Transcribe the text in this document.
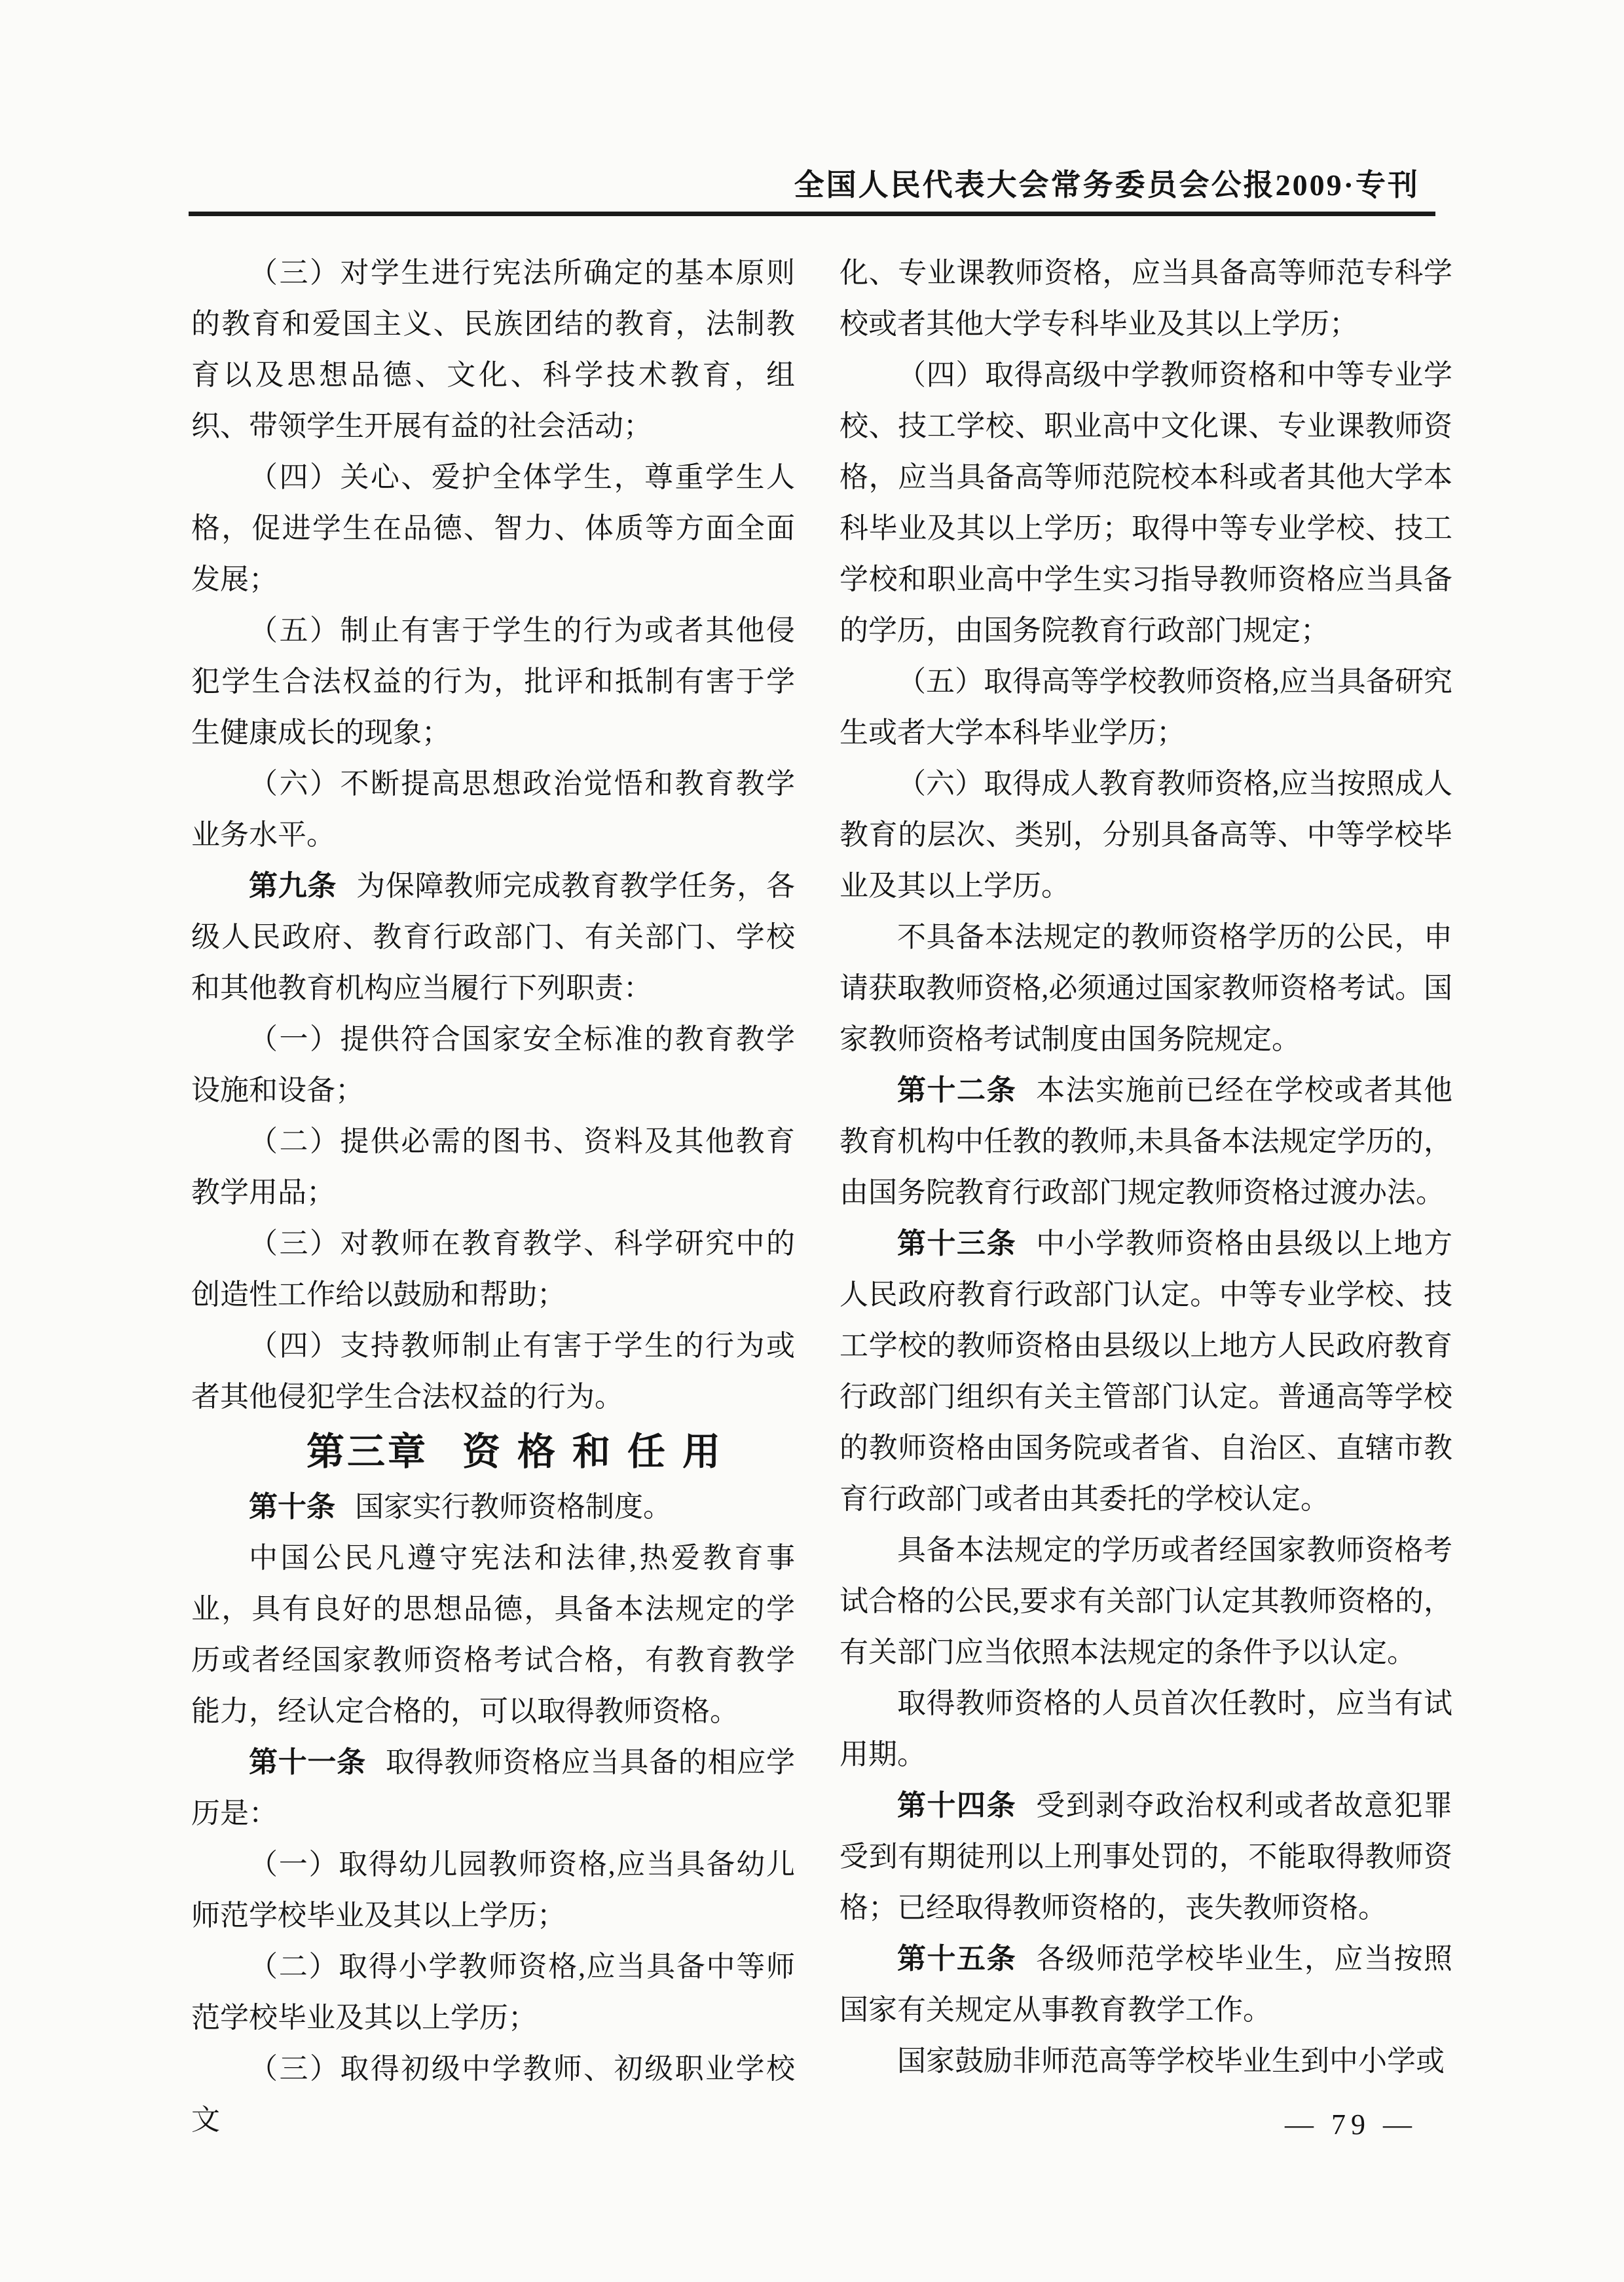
全国人民代表大会常务委员会公报2009·专刊

（三）对学生进行宪法所确定的基本原则的教育和爱国主义、民族团结的教育，法制教育以及思想品德、文化、科学技术教育，组织、带领学生开展有益的社会活动；

（四）关心、爱护全体学生，尊重学生人格，促进学生在品德、智力、体质等方面全面发展；

（五）制止有害于学生的行为或者其他侵犯学生合法权益的行为，批评和抵制有害于学生健康成长的现象；

（六）不断提高思想政治觉悟和教育教学业务水平。

第九条 为保障教师完成教育教学任务，各级人民政府、教育行政部门、有关部门、学校和其他教育机构应当履行下列职责：

（一）提供符合国家安全标准的教育教学设施和设备；

（二）提供必需的图书、资料及其他教育教学用品；

（三）对教师在教育教学、科学研究中的创造性工作给以鼓励和帮助；

（四）支持教师制止有害于学生的行为或者其他侵犯学生合法权益的行为。

第三章 资格和任用

第十条 国家实行教师资格制度。

中国公民凡遵守宪法和法律,热爱教育事业，具有良好的思想品德，具备本法规定的学历或者经国家教师资格考试合格，有教育教学能力，经认定合格的，可以取得教师资格。

第十一条 取得教师资格应当具备的相应学历是：

（一）取得幼儿园教师资格,应当具备幼儿师范学校毕业及其以上学历；

（二）取得小学教师资格,应当具备中等师范学校毕业及其以上学历；

（三）取得初级中学教师、初级职业学校文

化、专业课教师资格，应当具备高等师范专科学校或者其他大学专科毕业及其以上学历；

（四）取得高级中学教师资格和中等专业学校、技工学校、职业高中文化课、专业课教师资格，应当具备高等师范院校本科或者其他大学本科毕业及其以上学历；取得中等专业学校、技工学校和职业高中学生实习指导教师资格应当具备的学历，由国务院教育行政部门规定；

（五）取得高等学校教师资格,应当具备研究生或者大学本科毕业学历；

（六）取得成人教育教师资格,应当按照成人教育的层次、类别，分别具备高等、中等学校毕业及其以上学历。

不具备本法规定的教师资格学历的公民，申请获取教师资格,必须通过国家教师资格考试。国家教师资格考试制度由国务院规定。

第十二条 本法实施前已经在学校或者其他教育机构中任教的教师,未具备本法规定学历的，由国务院教育行政部门规定教师资格过渡办法。

第十三条 中小学教师资格由县级以上地方人民政府教育行政部门认定。中等专业学校、技工学校的教师资格由县级以上地方人民政府教育行政部门组织有关主管部门认定。普通高等学校的教师资格由国务院或者省、自治区、直辖市教育行政部门或者由其委托的学校认定。

具备本法规定的学历或者经国家教师资格考试合格的公民,要求有关部门认定其教师资格的，有关部门应当依照本法规定的条件予以认定。

取得教师资格的人员首次任教时，应当有试用期。

第十四条 受到剥夺政治权利或者故意犯罪受到有期徒刑以上刑事处罚的，不能取得教师资格；已经取得教师资格的，丧失教师资格。

第十五条 各级师范学校毕业生，应当按照国家有关规定从事教育教学工作。

国家鼓励非师范高等学校毕业生到中小学或

— 79 —
